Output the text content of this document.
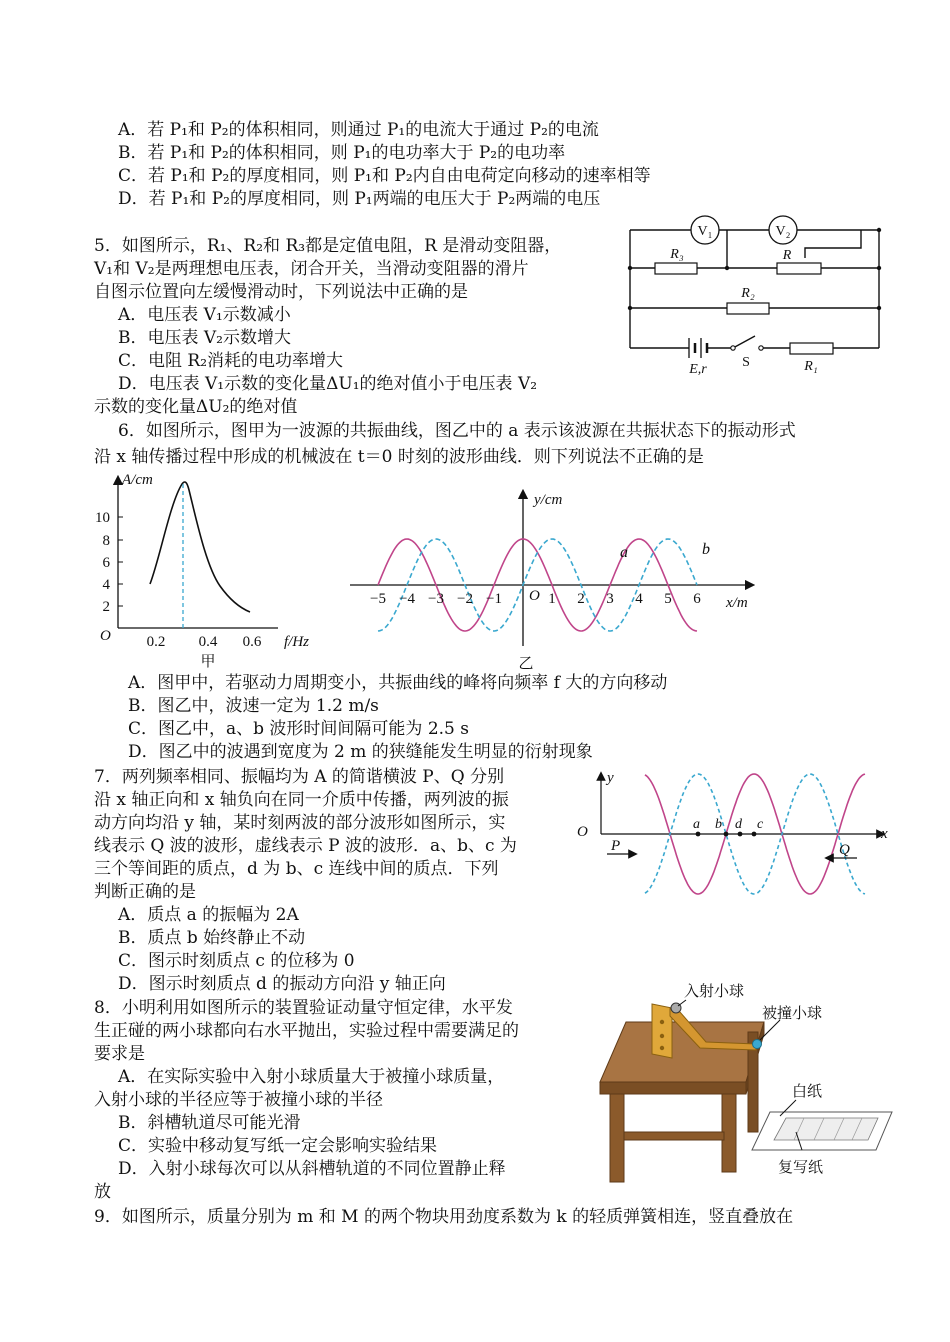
A．若 P₁和 P₂的体积相同，则通过 P₁的电流大于通过 P₂的电流
B．若 P₁和 P₂的体积相同，则 P₁的电功率大于 P₂的电功率
C．若 P₁和 P₂的厚度相同，则 P₁和 P₂内自由电荷定向移动的速率相等
D．若 P₁和 P₂的厚度相同，则 P₁两端的电压大于 P₂两端的电压
5．如图所示，R₁、R₂和 R₃都是定值电阻，R 是滑动变阻器，
V₁和 V₂是两理想电压表，闭合开关，当滑动变阻器的滑片
自图示位置向左缓慢滑动时，下列说法中正确的是
A．电压表 V₁示数减小
B．电压表 V₂示数增大
C．电阻 R₂消耗的电功率增大
D．电压表 V₁示数的变化量ΔU₁的绝对值小于电压表 V₂
示数的变化量ΔU₂的绝对值
V₁	V₂
R₃	R
R₂
E,r	S	R₁
6．如图所示，图甲为一波源的共振曲线，图乙中的 a 表示该波源在共振状态下的振动形式
沿 x 轴传播过程中形成的机械波在 t＝0 时刻的波形曲线．则下列说法不正确的是
A/cm
10
8
6
4
2
O 0.2 0.4 0.6 f/Hz
甲
y/cm
−5 −4 −3 −2 −1	1 2 3 4 5 6
O	x/m
a	b
乙
A．图甲中，若驱动力周期变小，共振曲线的峰将向频率 f 大的方向移动
B．图乙中，波速一定为 1.2 m/s
C．图乙中，a、b 波形时间间隔可能为 2.5 s
D．图乙中的波遇到宽度为 2 m 的狭缝能发生明显的衍射现象
7．两列频率相同、振幅均为 A 的简谐横波 P、Q 分别
沿 x 轴正向和 x 轴负向在同一介质中传播，两列波的振
动方向均沿 y 轴，某时刻两波的部分波形如图所示，实
线表示 Q 波的波形，虚线表示 P 波的波形．a、b、c 为
三个等间距的质点，d 为 b、c 连线中间的质点．下列
判断正确的是
A．质点 a 的振幅为 2A
B．质点 b 始终静止不动
C．图示时刻质点 c 的位移为 0
D．图示时刻质点 d 的振动方向沿 y 轴正向
y
x
O	a b d c
P	Q
8．小明利用如图所示的装置验证动量守恒定律，水平发
生正碰的两小球都向右水平抛出，实验过程中需要满足的
要求是
A．在实际实验中入射小球质量大于被撞小球质量，
入射小球的半径应等于被撞小球的半径
B．斜槽轨道尽可能光滑
C．实验中移动复写纸一定会影响实验结果
D．入射小球每次可以从斜槽轨道的不同位置静止释
放
入射小球
被撞小球
白纸
复写纸
9．如图所示，质量分别为 m 和 M 的两个物块用劲度系数为 k 的轻质弹簧相连，竖直叠放在
